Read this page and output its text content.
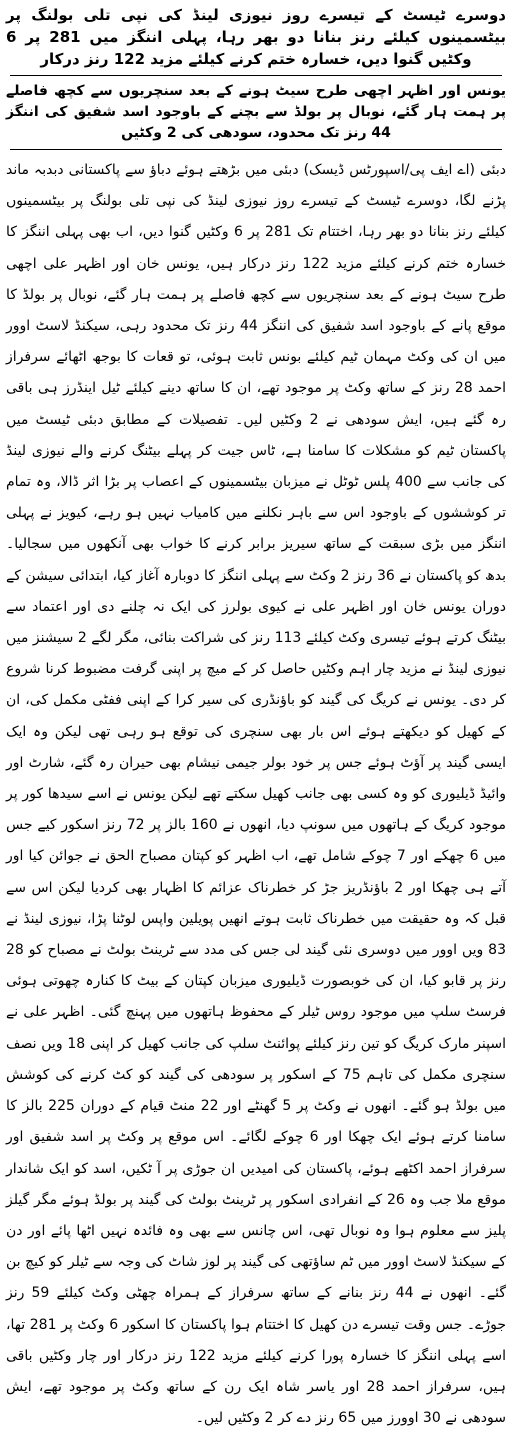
دوسرے ٹیسٹ کے تیسرے روز نیوزی لینڈ کی نپی تلی بولنگ پر بیٹسمینوں کیلئے رنز بنانا دو بھر رہا، پہلی اننگز میں 281 پر 6 وکٹیں گنوا دیں، خسارہ ختم کرنے کیلئے مزید 122 رنز درکار
یونس اور اظہر اچھی طرح سیٹ ہونے کے بعد سنچریوں سے کچھ فاصلے پر ہمت ہار گئے، نوبال پر بولڈ سے بچنے کے باوجود اسد شفیق کی اننگز 44 رنز تک محدود، سودھی کی 2 وکٹیں

دبئی (اے ایف پی/اسپورٹس ڈیسک) دبئی میں بڑھتے ہوئے دباؤ سے پاکستانی دبدبہ ماند پڑنے لگا، دوسرے ٹیسٹ کے تیسرے روز نیوزی لینڈ کی نپی تلی بولنگ پر بیٹسمینوں کیلئے رنز بنانا دو بھر رہا، اختتام تک 281 پر 6 وکٹیں گنوا دیں، اب بھی پہلی اننگز کا خسارہ ختم کرنے کیلئے مزید 122 رنز درکار ہیں، یونس خان اور اظہر علی اچھی طرح سیٹ ہونے کے بعد سنچریوں سے کچھ فاصلے پر ہمت ہار گئے، نوبال پر بولڈ کا موقع پانے کے باوجود اسد شفیق کی اننگز 44 رنز تک محدود رہی، سیکنڈ لاسٹ اوور میں ان کی وکٹ مہمان ٹیم کیلئے بونس ثابت ہوئی، تو قعات کا بوجھ اٹھائے سرفراز احمد 28 رنز کے ساتھ وکٹ پر موجود تھے، ان کا ساتھ دینے کیلئے ٹیل اینڈرز ہی باقی رہ گئے ہیں، ایش سودھی نے 2 وکٹیں لیں۔ تفصیلات کے مطابق دبئی ٹیسٹ میں پاکستان ٹیم کو مشکلات کا سامنا ہے، ٹاس جیت کر پہلے بیٹنگ کرنے والے نیوزی لینڈ کی جانب سے 400 پلس ٹوٹل نے میزبان بیٹسمینوں کے اعصاب پر بڑا اثر ڈالا، وہ تمام تر کوششوں کے باوجود اس سے باہر نکلنے میں کامیاب نہیں ہو رہے، کیویز نے پہلی اننگز میں بڑی سبقت کے ساتھ سیریز برابر کرنے کا خواب بھی آنکھوں میں سجالیا۔ بدھ کو پاکستان نے 36 رنز 2 وکٹ سے پہلی اننگز کا دوبارہ آغاز کیا، ابتدائی سیشن کے دوران یونس خان اور اظہر علی نے کیوی بولرز کی ایک نہ چلنے دی اور اعتماد سے بیٹنگ کرتے ہوئے تیسری وکٹ کیلئے 113 رنز کی شراکت بنائی، مگر لگے 2 سیشنز میں نیوزی لینڈ نے مزید چار اہم وکٹیں حاصل کر کے میچ پر اپنی گرفت مضبوط کرنا شروع کر دی۔ یونس نے کریگ کی گیند کو باؤنڈری کی سیر کرا کے اپنی ففٹی مکمل کی، ان کے کھیل کو دیکھتے ہوئے اس بار بھی سنچری کی توقع ہو رہی تھی لیکن وہ ایک ایسی گیند پر آؤٹ ہوئے جس پر خود بولر جیمی نیشام بھی حیران رہ گئے، شارٹ اور وائیڈ ڈیلیوری کو وہ کسی بھی جانب کھیل سکتے تھے لیکن یونس نے اسے سیدھا کور پر موجود کریگ کے ہاتھوں میں سونپ دیا، انھوں نے 160 بالز پر 72 رنز اسکور کیے جس میں 6 چھکے اور 7 چوکے شامل تھے، اب اظہر کو کپتان مصباح الحق نے جوائن کیا اور آتے ہی چھکا اور 2 باؤنڈریز جڑ کر خطرناک عزائم کا اظہار بھی کردیا لیکن اس سے قبل کہ وہ حقیقت میں خطرناک ثابت ہوتے انھیں پویلین واپس لوٹنا پڑا، نیوزی لینڈ نے 83 ویں اوور میں دوسری نئی گیند لی جس کی مدد سے ٹرینٹ بولٹ نے مصباح کو 28 رنز پر قابو کیا، ان کی خوبصورت ڈیلیوری میزبان کپتان کے بیٹ کا کنارہ چھوتی ہوئی فرسٹ سلپ میں موجود روس ٹیلر کے محفوظ ہاتھوں میں پہنچ گئی۔ اظہر علی نے اسپنر مارک کریگ کو تین رنز کیلئے پوائنٹ سلپ کی جانب کھیل کر اپنی 18 ویں نصف سنچری مکمل کی تاہم 75 کے اسکور پر سودھی کی گیند کو کٹ کرنے کی کوشش میں بولڈ ہو گئے۔ انھوں نے وکٹ پر 5 گھنٹے اور 22 منٹ قیام کے دوران 225 بالز کا سامنا کرتے ہوئے ایک چھکا اور 6 چوکے لگائے۔ اس موقع پر وکٹ پر اسد شفیق اور سرفراز احمد اکٹھے ہوئے، پاکستان کی امیدیں ان جوڑی پر آ ٹکیں، اسد کو ایک شاندار موقع ملا جب وہ 26 کے انفرادی اسکور پر ٹرینٹ بولٹ کی گیند پر بولڈ ہوئے مگر گیلز پلیز سے معلوم ہوا وہ نوبال تھی، اس چانس سے بھی وہ فائدہ نہیں اٹھا پائے اور دن کے سیکنڈ لاسٹ اوور میں ٹم ساؤتھی کی گیند پر لوز شاٹ کی وجہ سے ٹیلر کو کیچ بن گئے۔ انھوں نے 44 رنز بنانے کے ساتھ سرفراز کے ہمراہ چھٹی وکٹ کیلئے 59 رنز جوڑے۔ جس وقت تیسرے دن کھیل کا اختتام ہوا پاکستان کا اسکور 6 وکٹ پر 281 تھا، اسے پہلی اننگز کا خسارہ پورا کرنے کیلئے مزید 122 رنز درکار اور چار وکٹیں باقی ہیں، سرفراز احمد 28 اور یاسر شاہ ایک رن کے ساتھ وکٹ پر موجود تھے، ایش سودھی نے 30 اوورز میں 65 رنز دے کر 2 وکٹیں لیں۔
